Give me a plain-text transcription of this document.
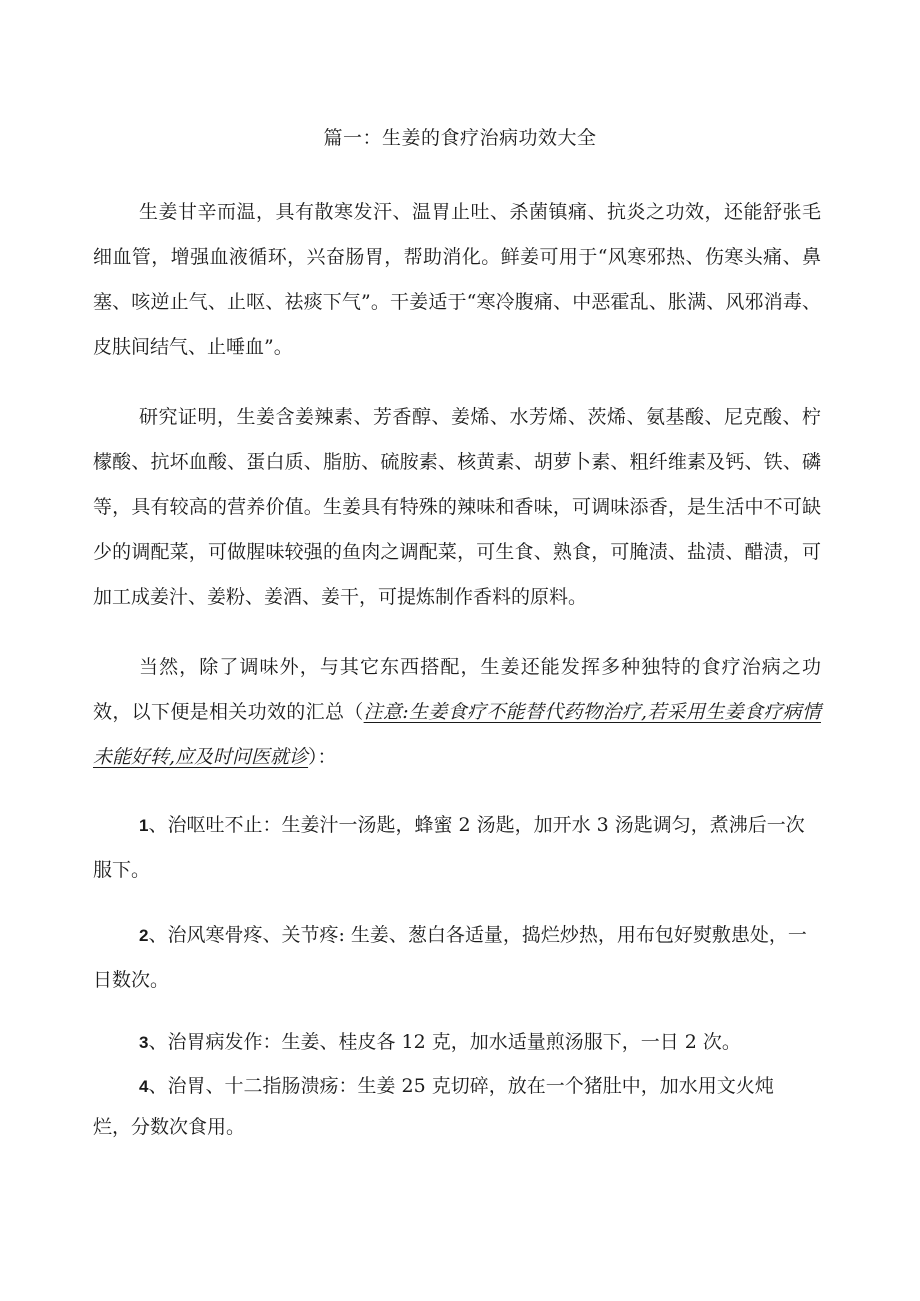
篇一：生姜的食疗治病功效大全

生姜甘辛而温，具有散寒发汗、温胃止吐、杀菌镇痛、抗炎之功效，还能舒张毛细血管，增强血液循环，兴奋肠胃，帮助消化。鲜姜可用于“风寒邪热、伤寒头痛、鼻塞、咳逆止气、止呕、祛痰下气”。干姜适于“寒冷腹痛、中恶霍乱、胀满、风邪消毒、皮肤间结气、止唾血”。

研究证明，生姜含姜辣素、芳香醇、姜烯、水芳烯、茨烯、氨基酸、尼克酸、柠檬酸、抗坏血酸、蛋白质、脂肪、硫胺素、核黄素、胡萝卜素、粗纤维素及钙、铁、磷等，具有较高的营养价值。生姜具有特殊的辣味和香味，可调味添香，是生活中不可缺少的调配菜，可做腥味较强的鱼肉之调配菜，可生食、熟食，可腌渍、盐渍、醋渍，可加工成姜汁、姜粉、姜酒、姜干，可提炼制作香料的原料。

当然，除了调味外，与其它东西搭配，生姜还能发挥多种独特的食疗治病之功效，以下便是相关功效的汇总（注意:生姜食疗不能替代药物治疗,若采用生姜食疗病情未能好转,应及时问医就诊）：

1、治呕吐不止：生姜汁一汤匙，蜂蜜 2 汤匙，加开水 3 汤匙调匀，煮沸后一次服下。

2、治风寒骨疼、关节疼: 生姜、葱白各适量，捣烂炒热，用布包好熨敷患处，一日数次。

3、治胃病发作：生姜、桂皮各 12 克，加水适量煎汤服下，一日 2 次。

4、治胃、十二指肠溃疡：生姜 25 克切碎，放在一个猪肚中，加水用文火炖烂，分数次食用。
